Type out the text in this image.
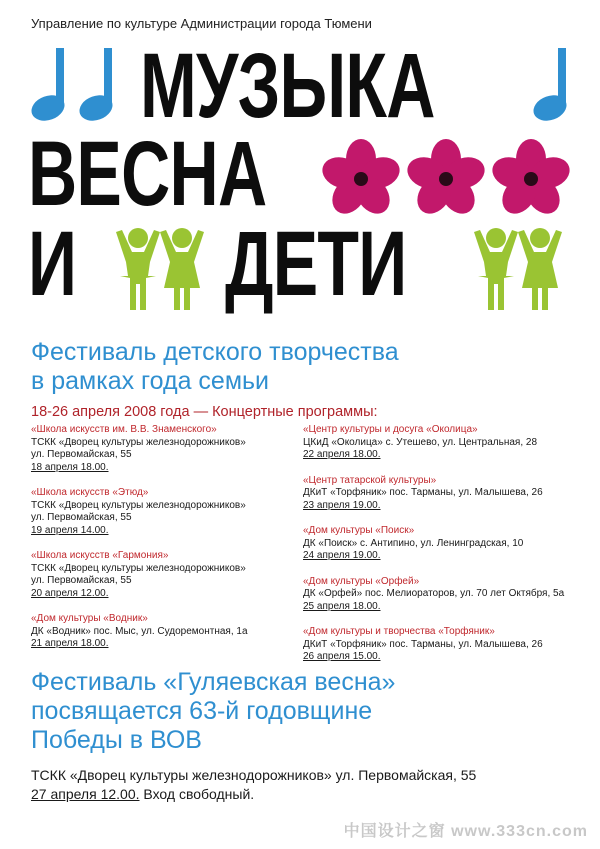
Управление по культуре Администрации города Тюмени
МУЗЫКА
ВЕСНА
И ДЕТИ
Фестиваль детского творчества
в рамках года семьи
18-26 апреля 2008 года — Концертные программы:
«Школа искусств им. В.В. Знаменского»
ТСКК «Дворец культуры железнодорожников»
ул. Первомайская, 55
18 апреля 18.00.
«Школа искусств «Этюд»
ТСКК «Дворец культуры железнодорожников»
ул. Первомайская, 55
19 апреля 14.00.
«Школа искусств «Гармония»
ТСКК «Дворец культуры железнодорожников»
ул. Первомайская, 55
20 апреля 12.00.
«Дом культуры «Водник»
ДК «Водник» пос. Мыс, ул. Судоремонтная, 1а
21 апреля 18.00.
«Центр культуры и досуга «Околица»
ЦКиД «Околица» с. Утешево, ул. Центральная, 28
22 апреля 18.00.
«Центр татарской культуры»
ДКиТ «Торфяник» пос. Тарманы, ул. Малышева, 26
23 апреля 19.00.
«Дом культуры «Поиск»
ДК «Поиск» с. Антипино, ул. Ленинградская, 10
24 апреля 19.00.
«Дом культуры «Орфей»
ДК «Орфей» пос. Мелиораторов, ул. 70 лет Октября, 5а
25 апреля 18.00.
«Дом культуры и творчества «Торфяник»
ДКиТ «Торфяник» пос. Тарманы, ул. Малышева, 26
26 апреля 15.00.
Фестиваль «Гуляевская весна»
посвящается 63-й годовщине
Победы в ВОВ
ТСКК «Дворец культуры железнодорожников» ул. Первомайская, 55
27 апреля 12.00. Вход свободный.
中国设计之窗 www.333cn.com
